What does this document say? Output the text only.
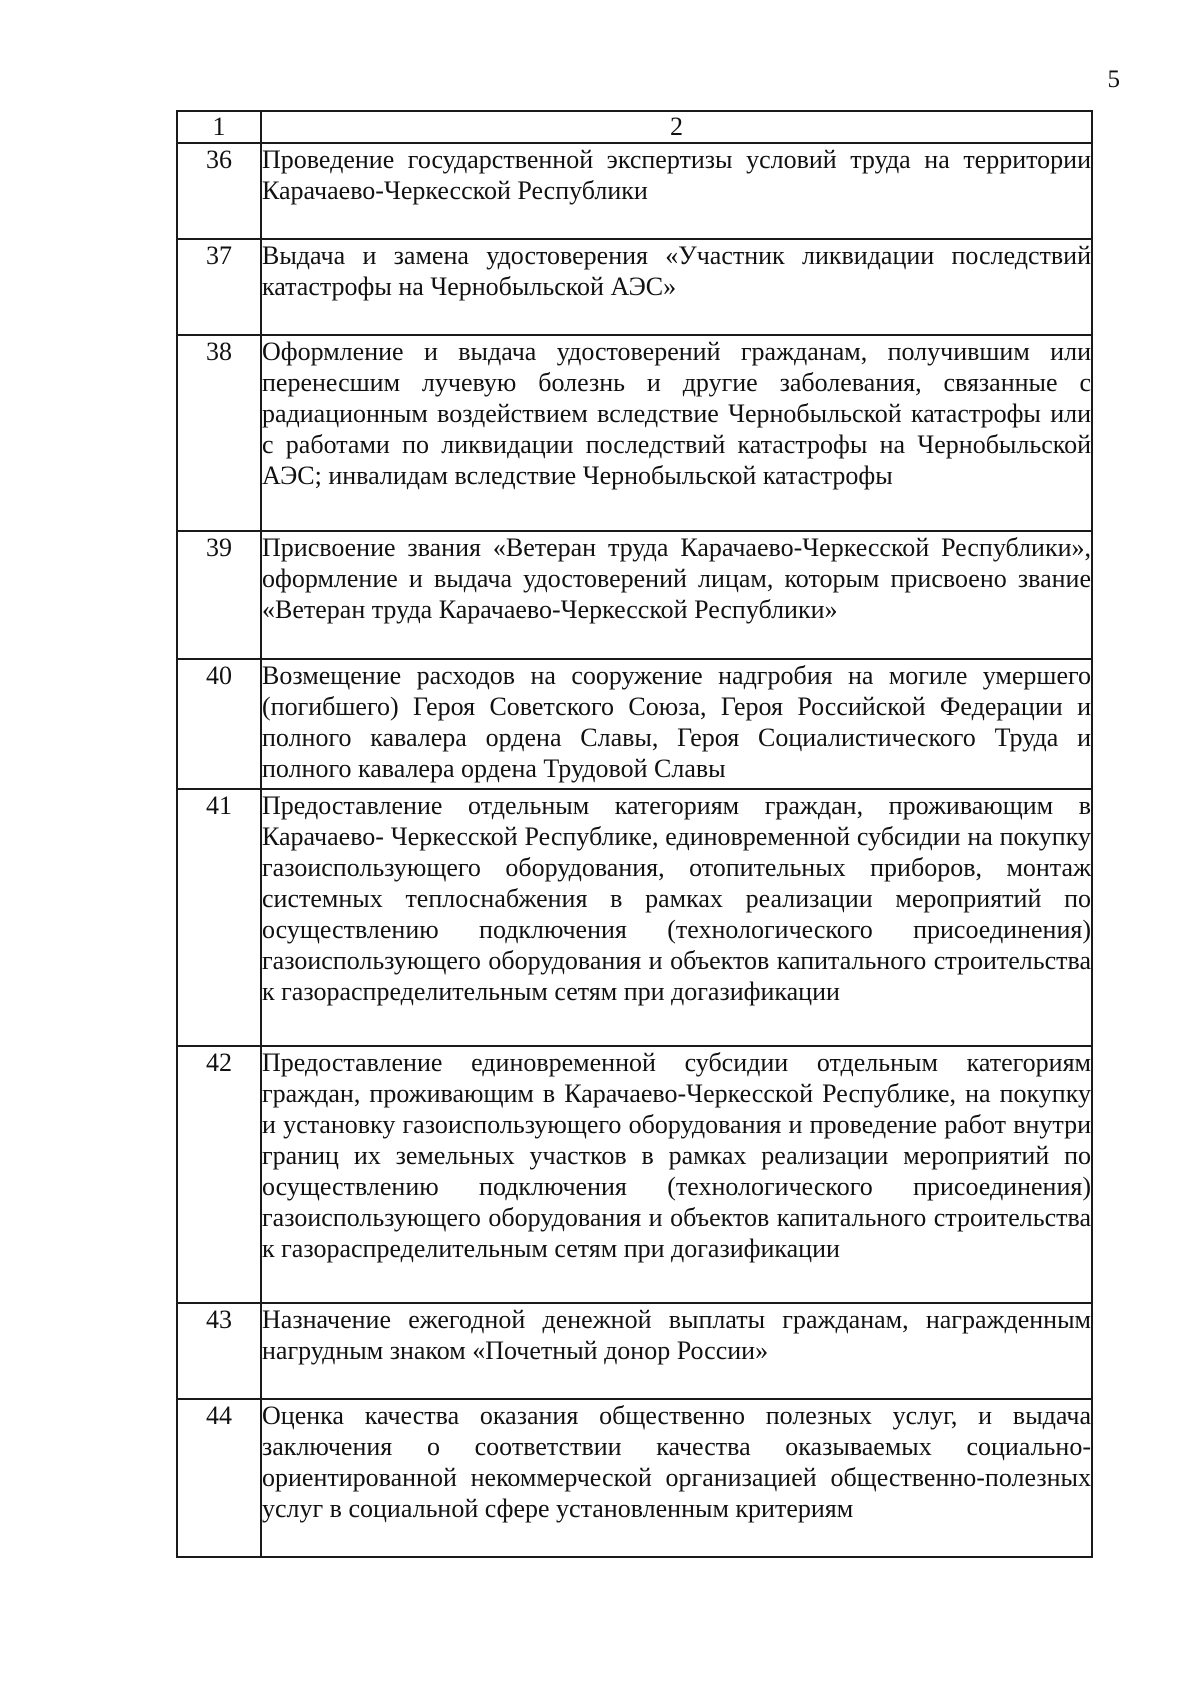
5
1	2
36	Проведение государственной экспертизы условий труда на территории Карачаево-Черкесской Республики
37	Выдача и замена удостоверения «Участник ликвидации последствий катастрофы на Чернобыльской АЭС»
38	Оформление и выдача удостоверений гражданам, получившим или перенесшим лучевую болезнь и другие заболевания, связанные с радиационным воздействием вследствие Чернобыльской катастрофы или с работами по ликвидации последствий катастрофы на Чернобыльской АЭС; инвалидам вследствие Чернобыльской катастрофы
39	Присвоение звания «Ветеран труда Карачаево-Черкесской Республики», оформление и выдача удостоверений лицам, которым присвоено звание «Ветеран труда Карачаево-Черкесской Республики»
40	Возмещение расходов на сооружение надгробия на могиле умершего (погибшего) Героя Советского Союза, Героя Российской Федерации и полного кавалера ордена Славы, Героя Социалистического Труда и полного кавалера ордена Трудовой Славы
41	Предоставление отдельным категориям граждан, проживающим в Карачаево- Черкесской Республике, единовременной субсидии на покупку газоиспользующего оборудования, отопительных приборов, монтаж системных теплоснабжения в рамках реализации мероприятий по осуществлению подключения (технологического присоединения) газоиспользующего оборудования и объектов капитального строительства к газораспределительным сетям при догазификации
42	Предоставление единовременной субсидии отдельным категориям граждан, проживающим в Карачаево-Черкесской Республике, на покупку и установку газоиспользующего оборудования и проведение работ внутри границ их земельных участков в рамках реализации мероприятий по осуществлению подключения (технологического присоединения) газоиспользующего оборудования и объектов капитального строительства к газораспределительным сетям при догазификации
43	Назначение ежегодной денежной выплаты гражданам, награжденным нагрудным знаком «Почетный донор России»
44	Оценка качества оказания общественно полезных услуг, и выдача заключения о соответствии качества оказываемых социально-ориентированной некоммерческой организацией общественно-полезных услуг в социальной сфере установленным критериям
